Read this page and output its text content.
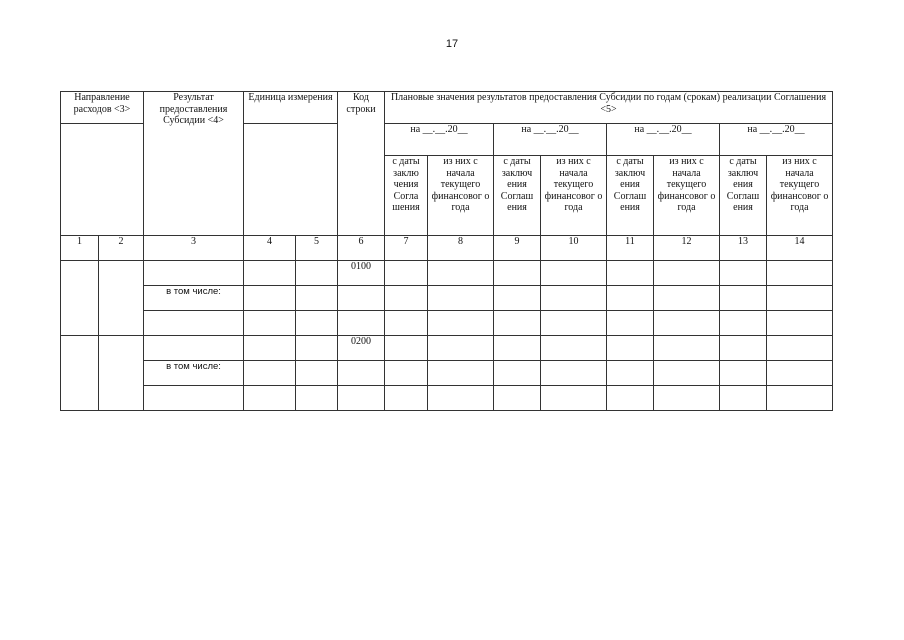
17
Направление расходов <3>		Результат предоставления Субсидии <4>	Единица измерения		Код строки	Плановые значения результатов предоставления Субсидии по годам (срокам) реализации Соглашения <5>							
						на __.__.20__		на __.__.20__		на __.__.20__		на __.__.20__	
						с даты заклю чения Согла шения	из них с начала текущего финансовог о года	с даты заключ ения Соглаш ения	из них с начала текущего финансовог о года	с даты заключ ения Соглаш ения	из них с начала текущего финансовог о года	с даты заключ ения Соглаш ения	из них с начала текущего финансовог о года
1	2	3	4	5	6	7	8	9	10	11	12	13	14
					0100								
		в том числе:											

					0200								
		в том числе:											
